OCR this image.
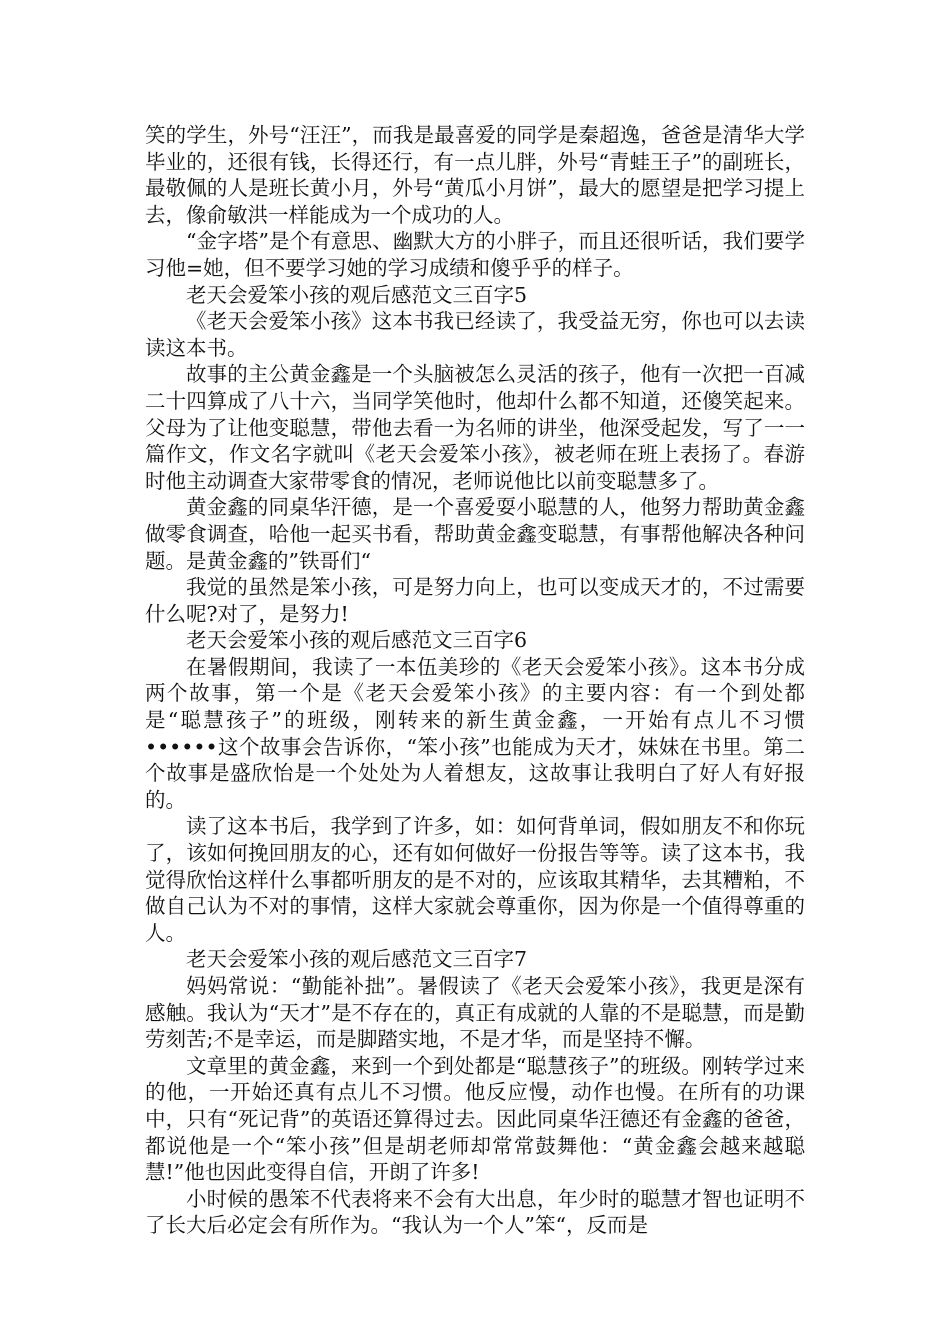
笑的学生，外号“汪汪”，而我是最喜爱的同学是秦超逸，爸爸是清华大学毕业的，还很有钱，长得还行，有一点儿胖，外号“青蛙王子”的副班长，最敬佩的人是班长黄小月，外号“黄瓜小月饼”，最大的愿望是把学习提上去，像俞敏洪一样能成为一个成功的人。

“金字塔”是个有意思、幽默大方的小胖子，而且还很听话，我们要学习他=她，但不要学习她的学习成绩和傻乎乎的样子。

老天会爱笨小孩的观后感范文三百字5

《老天会爱笨小孩》这本书我已经读了，我受益无穷，你也可以去读读这本书。

故事的主公黄金鑫是一个头脑被怎么灵活的孩子，他有一次把一百减二十四算成了八十六，当同学笑他时，他却什么都不知道，还傻笑起来。父母为了让他变聪慧，带他去看一为名师的讲坐，他深受起发，写了一一篇作文，作文名字就叫《老天会爱笨小孩》，被老师在班上表扬了。春游时他主动调查大家带零食的情况，老师说他比以前变聪慧多了。

黄金鑫的同桌华汗德，是一个喜爱耍小聪慧的人，他努力帮助黄金鑫做零食调查，哈他一起买书看，帮助黄金鑫变聪慧，有事帮他解决各种问题。是黄金鑫的”铁哥们“

我觉的虽然是笨小孩，可是努力向上，也可以变成天才的，不过需要什么呢?对了，是努力!

老天会爱笨小孩的观后感范文三百字6

在暑假期间，我读了一本伍美珍的《老天会爱笨小孩》。这本书分成两个故事，第一个是《老天会爱笨小孩》的主要内容：有一个到处都是“聪慧孩子”的班级，刚转来的新生黄金鑫，一开始有点儿不习惯••••••这个故事会告诉你，“笨小孩”也能成为天才，妹妹在书里。第二个故事是盛欣怡是一个处处为人着想友，这故事让我明白了好人有好报的。

读了这本书后，我学到了许多，如：如何背单词，假如朋友不和你玩了，该如何挽回朋友的心，还有如何做好一份报告等等。读了这本书，我觉得欣怡这样什么事都听朋友的是不对的，应该取其精华，去其糟粕，不做自己认为不对的事情，这样大家就会尊重你，因为你是一个值得尊重的人。

老天会爱笨小孩的观后感范文三百字7

妈妈常说：“勤能补拙”。暑假读了《老天会爱笨小孩》，我更是深有感触。我认为“天才”是不存在的，真正有成就的人靠的不是聪慧，而是勤劳刻苦;不是幸运，而是脚踏实地，不是才华，而是坚持不懈。

文章里的黄金鑫，来到一个到处都是“聪慧孩子”的班级。刚转学过来的他，一开始还真有点儿不习惯。他反应慢，动作也慢。在所有的功课中，只有“死记背”的英语还算得过去。因此同桌华汪德还有金鑫的爸爸，都说他是一个“笨小孩”但是胡老师却常常鼓舞他：“黄金鑫会越来越聪慧!”他也因此变得自信，开朗了许多!

小时候的愚笨不代表将来不会有大出息，年少时的聪慧才智也证明不了长大后必定会有所作为。“我认为一个人”笨“，反而是
